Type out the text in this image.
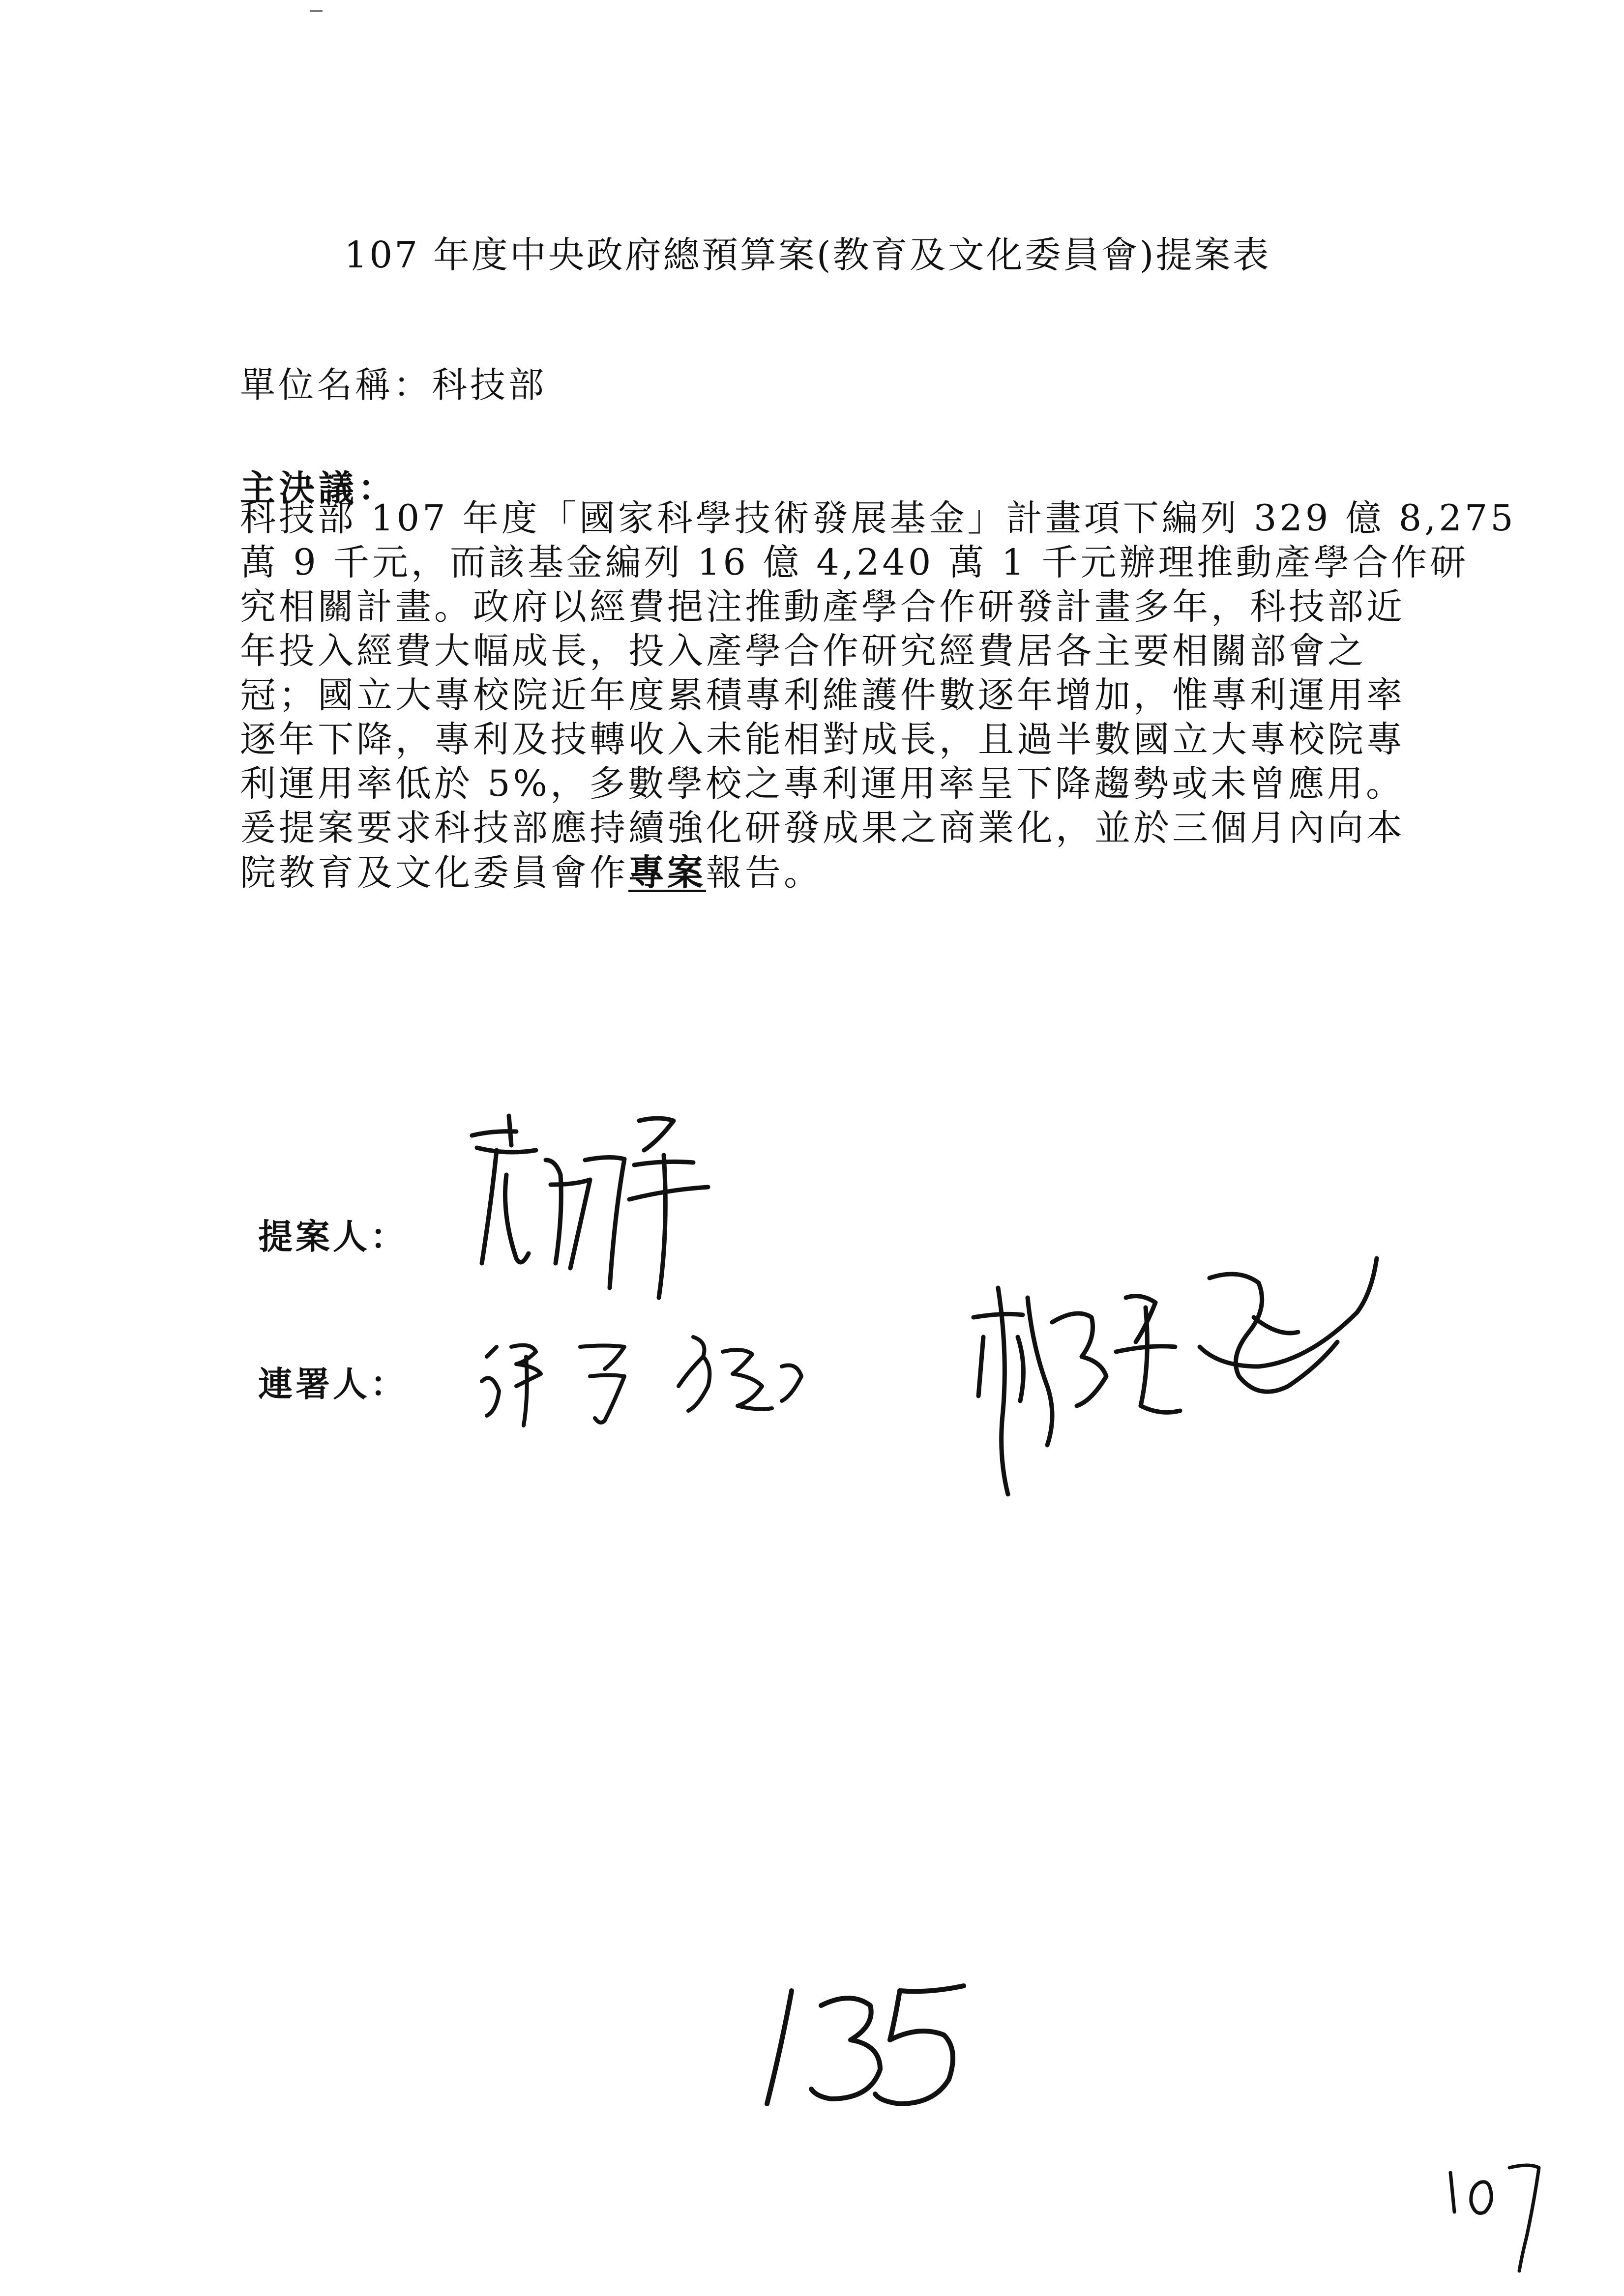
107 年度中央政府總預算案(教育及文化委員會)提案表
單位名稱：科技部
主決議：
科技部 107 年度「國家科學技術發展基金」計畫項下編列 329 億 8,275
萬 9 千元，而該基金編列 16 億 4,240 萬 1 千元辦理推動產學合作研
究相關計畫。政府以經費挹注推動產學合作研發計畫多年，科技部近
年投入經費大幅成長，投入產學合作研究經費居各主要相關部會之
冠；國立大專校院近年度累積專利維護件數逐年增加，惟專利運用率
逐年下降，專利及技轉收入未能相對成長，且過半數國立大專校院專
利運用率低於 5%，多數學校之專利運用率呈下降趨勢或未曾應用。
爰提案要求科技部應持續強化研發成果之商業化，並於三個月內向本
院教育及文化委員會作專案報告。
提案人：
連署人：
